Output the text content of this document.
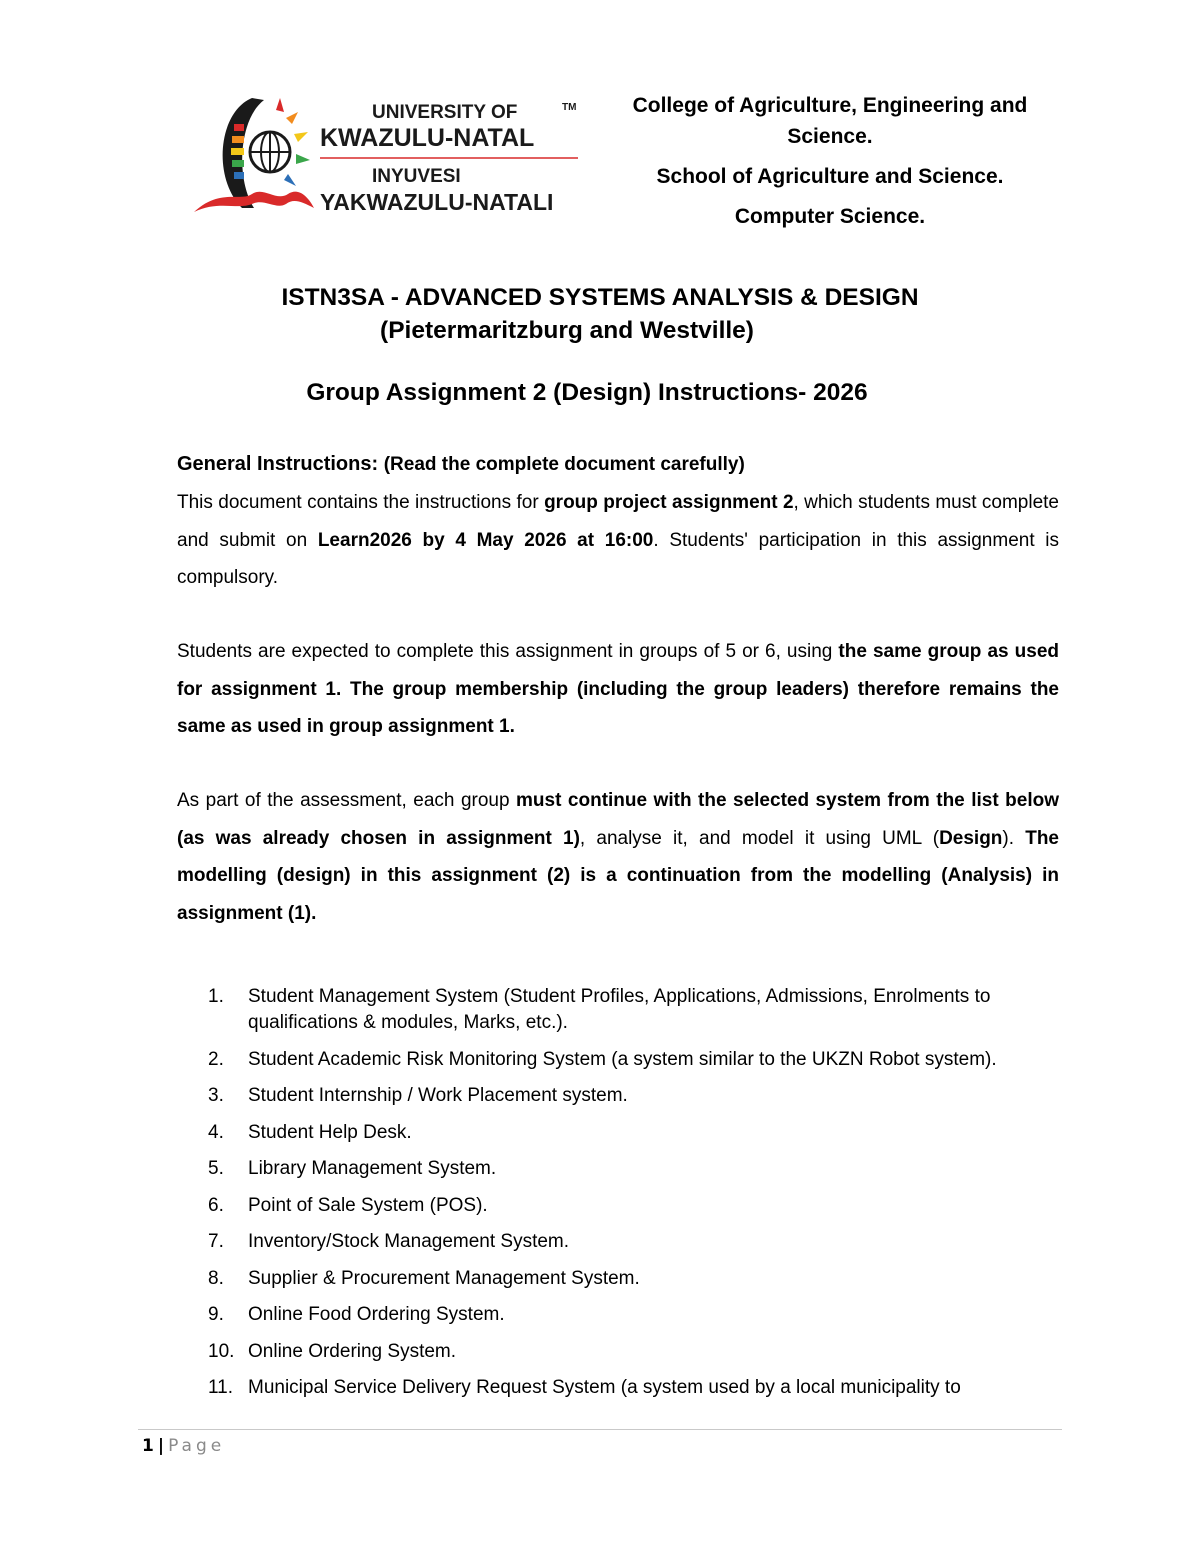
UNIVERSITY OF	TM
KWAZULU-NATAL
INYUVESI
YAKWAZULU-NATALI

College of Agriculture, Engineering and Science.

School of Agriculture and Science.

Computer Science.

ISTN3SA - ADVANCED SYSTEMS ANALYSIS & DESIGN
(Pietermaritzburg and Westville)
Group Assignment 2 (Design) Instructions- 2026
General Instructions: (Read the complete document carefully)

This document contains the instructions for group project assignment 2, which students must complete and submit on Learn2026 by 4 May 2026 at 16:00. Students' participation in this assignment is compulsory.

Students are expected to complete this assignment in groups of 5 or 6, using the same group as used for assignment 1. The group membership (including the group leaders) therefore remains the same as used in group assignment 1.

As part of the assessment, each group must continue with the selected system from the list below (as was already chosen in assignment 1), analyse it, and model it using UML (Design). The modelling (design) in this assignment (2) is a continuation from the modelling (Analysis) in assignment (1).

1. Student Management System (Student Profiles, Applications, Admissions, Enrolments to qualifications & modules, Marks, etc.).
2. Student Academic Risk Monitoring System (a system similar to the UKZN Robot system).
3. Student Internship / Work Placement system.
4. Student Help Desk.
5. Library Management System.
6. Point of Sale System (POS).
7. Inventory/Stock Management System.
8. Supplier & Procurement Management System.
9. Online Food Ordering System.
10. Online Ordering System.
11. Municipal Service Delivery Request System (a system used by a local municipality to
1 | Page
